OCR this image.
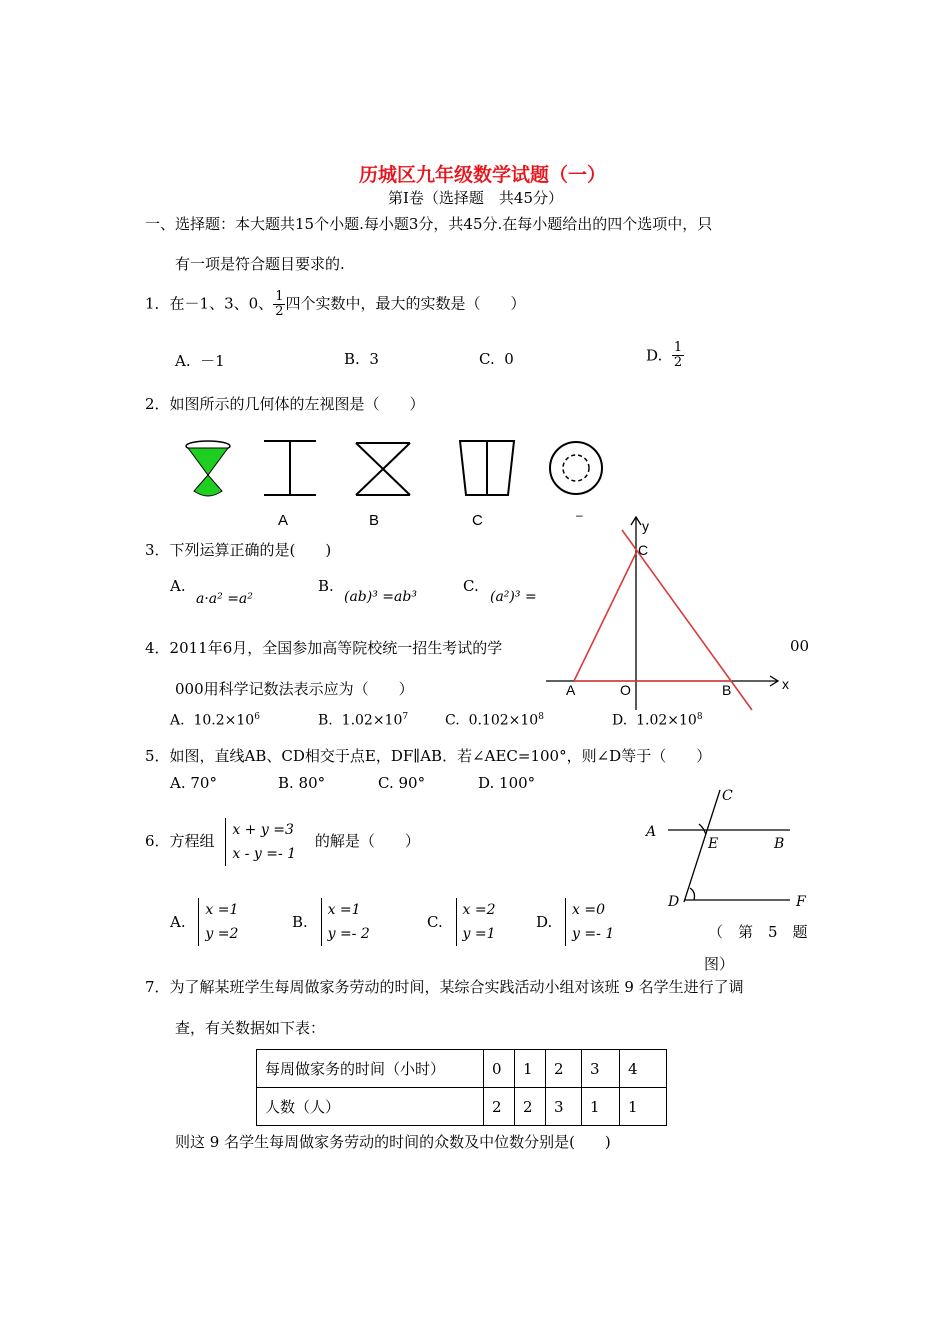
历城区九年级数学试题（一）
第Ⅰ卷（选择题　共45分）
一、选择题：本大题共15个小题.每小题3分，共45分.在每小题给出的四个选项中，只
有一项是符合题目要求的.
1．在－1、3、0、 $\frac{1}{2}$ 四个实数中，最大的实数是（　　）
A. －1	B. 3	C. 0	D. $\frac{1}{2}$
2．如图所示的几何体的左视图是（　　）
A	B	C	y
x
C
A	O	B
–
3．下列运算正确的是(　　)
A.
a·a² =a²
B.
(ab)³ =ab³
C.
(a²)³ =
4．2011年6月，全国参加高等院校统一招生考试的学	00
000用科学记数法表示应为（　　）
A. $10.2\times 10^6$	B. $1.02\times 10^7$	C. $0.102\times 10^8$	D. $1.02\times 10^8$
5．如图，直线AB、CD相交于点E，DF∥AB．若∠AEC=100°，则∠D等于（　　）
A. 70°	B. 80°	C. 90°	D. 100°
C
A
E	B
D	F
（　第　5　题
图）
6．方程组 x + y =3
x - y =- 1 的解是（　　）
A. x =1
y =2
B. x =1
y =- 2
C. x =2
y =1
D. x =0
y =- 1
7．为了解某班学生每周做家务劳动的时间，某综合实践活动小组对该班 9 名学生进行了调
查，有关数据如下表：
每周做家务的时间（小时）	0	1	2	3	4
人数（人）	2	2	3	1	1
则这 9 名学生每周做家务劳动的时间的众数及中位数分别是(　　)
